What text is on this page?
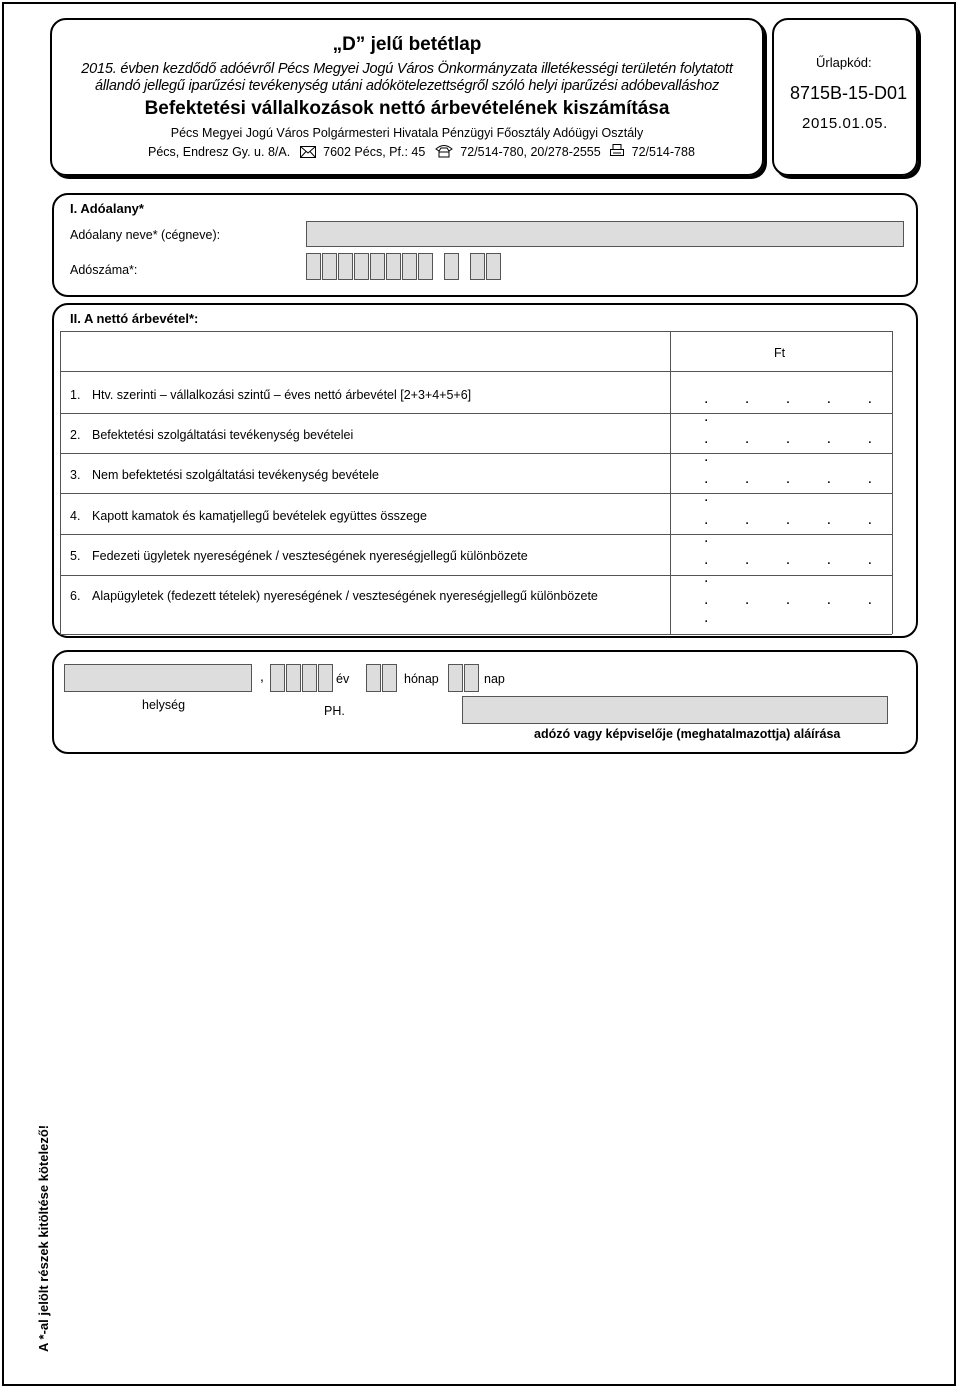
„D” jelű betétlap
2015. évben kezdődő adóévről Pécs Megyei Jogú Város Önkormányzata illetékességi területén folytatott
állandó jellegű iparűzési tevékenység utáni adókötelezettségről szóló helyi iparűzési adóbevalláshoz
Befektetési vállalkozások nettó árbevételének kiszámítása
Pécs Megyei Jogú Város Polgármesteri Hivatala Pénzügyi Főosztály Adóügyi Osztály
Pécs, Endresz Gy. u. 8/A.	7602 Pécs, Pf.: 45	72/514-780, 20/278-2555 72/514-788
Űrlapkód:
8715B-15-D01
2015.01.05.
I. Adóalany*
Adóalany neve* (cégneve):
Adószáma*:
II. A nettó árbevétel*:
Ft
1. Htv. szerinti – vállalkozási szintű – éves nettó árbevétel [2+3+4+5+6]	. . . . . .
2. Befektetési szolgáltatási tevékenység bevételei	. . . . . .
3. Nem befektetési szolgáltatási tevékenység bevétele	. . . . . .
4. Kapott kamatok és kamatjellegű bevételek együttes összege	. . . . . .
5. Fedezeti ügyletek nyereségének / veszteségének nyereségjellegű különbözete	. . . . . .
6. Alapügyletek (fedezett tételek) nyereségének / veszteségének nyereségjellegű különbözete	. . . . . .
,	év	hónap	nap
helység	PH.
adózó vagy képviselője (meghatalmazottja) aláírása
A *-al jelölt részek kitöltése kötelező!
